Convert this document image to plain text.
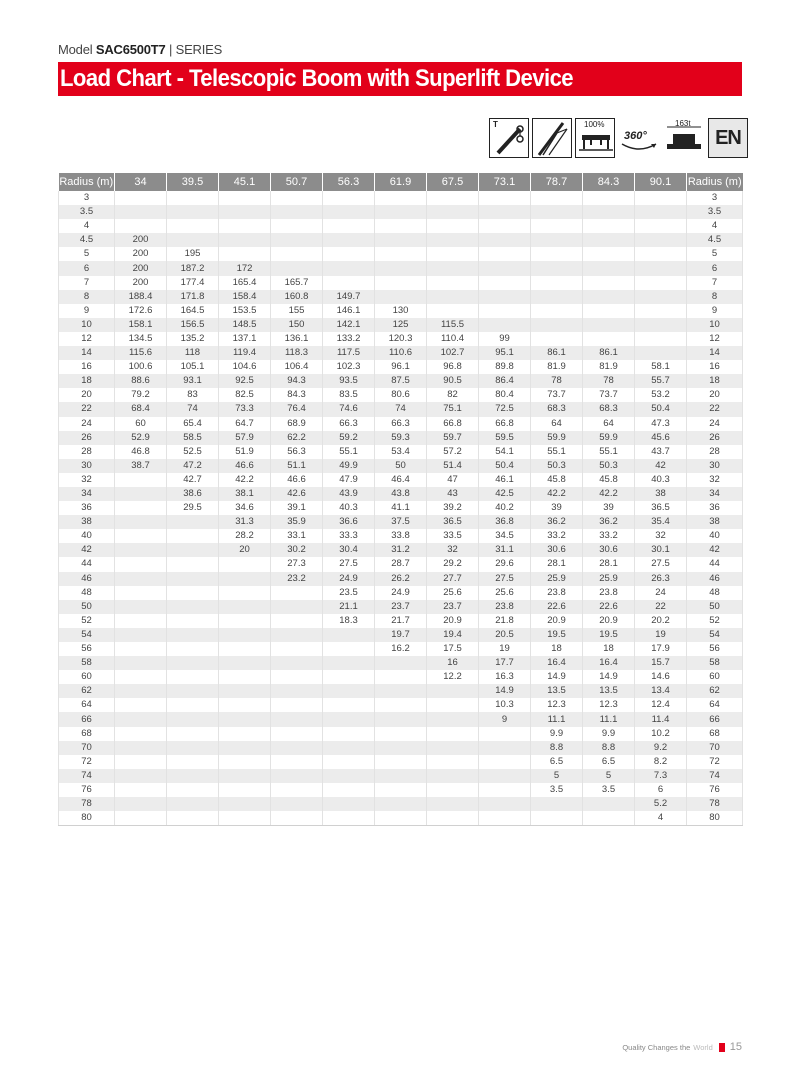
Model SAC6500T7 | SERIES
Load Chart - Telescopic Boom with Superlift Device
T	100%
360°
163t
EN
Radius (m)	34	39.5	45.1	50.7	56.3	61.9	67.5	73.1	78.7	84.3	90.1	Radius (m)
3												3
3.5												3.5
4												4
4.5	200											4.5
5	200	195										5
6	200	187.2	172									6
7	200	177.4	165.4	165.7								7
8	188.4	171.8	158.4	160.8	149.7							8
9	172.6	164.5	153.5	155	146.1	130						9
10	158.1	156.5	148.5	150	142.1	125	115.5					10
12	134.5	135.2	137.1	136.1	133.2	120.3	110.4	99				12
14	115.6	118	119.4	118.3	117.5	110.6	102.7	95.1	86.1	86.1		14
16	100.6	105.1	104.6	106.4	102.3	96.1	96.8	89.8	81.9	81.9	58.1	16
18	88.6	93.1	92.5	94.3	93.5	87.5	90.5	86.4	78	78	55.7	18
20	79.2	83	82.5	84.3	83.5	80.6	82	80.4	73.7	73.7	53.2	20
22	68.4	74	73.3	76.4	74.6	74	75.1	72.5	68.3	68.3	50.4	22
24	60	65.4	64.7	68.9	66.3	66.3	66.8	66.8	64	64	47.3	24
26	52.9	58.5	57.9	62.2	59.2	59.3	59.7	59.5	59.9	59.9	45.6	26
28	46.8	52.5	51.9	56.3	55.1	53.4	57.2	54.1	55.1	55.1	43.7	28
30	38.7	47.2	46.6	51.1	49.9	50	51.4	50.4	50.3	50.3	42	30
32		42.7	42.2	46.6	47.9	46.4	47	46.1	45.8	45.8	40.3	32
34		38.6	38.1	42.6	43.9	43.8	43	42.5	42.2	42.2	38	34
36		29.5	34.6	39.1	40.3	41.1	39.2	40.2	39	39	36.5	36
38			31.3	35.9	36.6	37.5	36.5	36.8	36.2	36.2	35.4	38
40			28.2	33.1	33.3	33.8	33.5	34.5	33.2	33.2	32	40
42			20	30.2	30.4	31.2	32	31.1	30.6	30.6	30.1	42
44				27.3	27.5	28.7	29.2	29.6	28.1	28.1	27.5	44
46				23.2	24.9	26.2	27.7	27.5	25.9	25.9	26.3	46
48					23.5	24.9	25.6	25.6	23.8	23.8	24	48
50					21.1	23.7	23.7	23.8	22.6	22.6	22	50
52					18.3	21.7	20.9	21.8	20.9	20.9	20.2	52
54						19.7	19.4	20.5	19.5	19.5	19	54
56						16.2	17.5	19	18	18	17.9	56
58							16	17.7	16.4	16.4	15.7	58
60							12.2	16.3	14.9	14.9	14.6	60
62								14.9	13.5	13.5	13.4	62
64								10.3	12.3	12.3	12.4	64
66								9	11.1	11.1	11.4	66
68									9.9	9.9	10.2	68
70									8.8	8.8	9.2	70
72									6.5	6.5	8.2	72
74									5	5	7.3	74
76									3.5	3.5	6	76
78											5.2	78
80											4	80
Quality Changes the World 15
